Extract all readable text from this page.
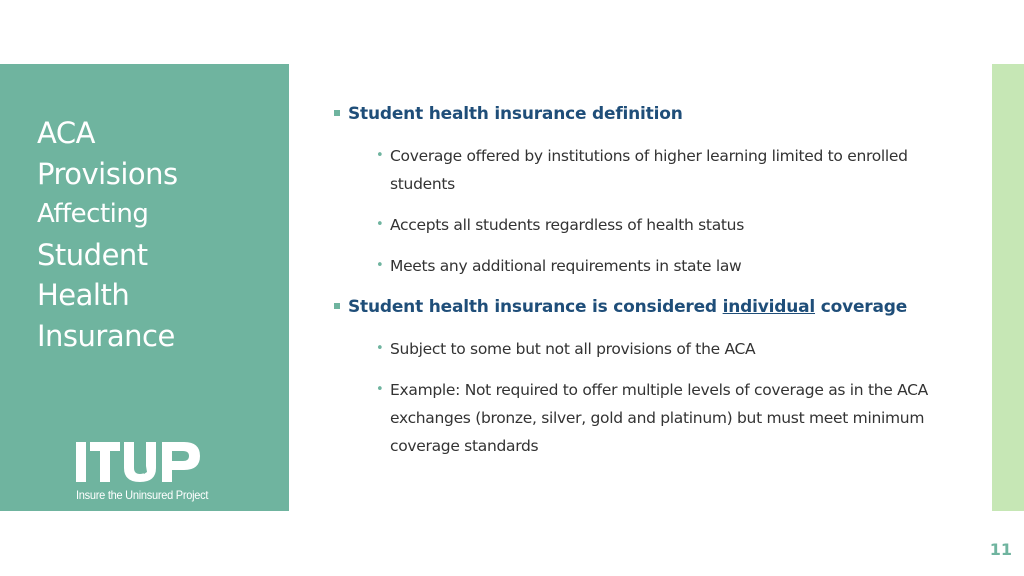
ACA
Provisions
Affecting
Student
Health
Insurance
Insure the Uninsured Project
Student health insurance definition
• Coverage offered by institutions of higher learning limited to enrolled students
• Accepts all students regardless of health status
• Meets any additional requirements in state law
Student health insurance is considered individual coverage
• Subject to some but not all provisions of the ACA
• Example: Not required to offer multiple levels of coverage as in the ACA exchanges (bronze, silver, gold and platinum) but must meet minimum coverage standards
11
